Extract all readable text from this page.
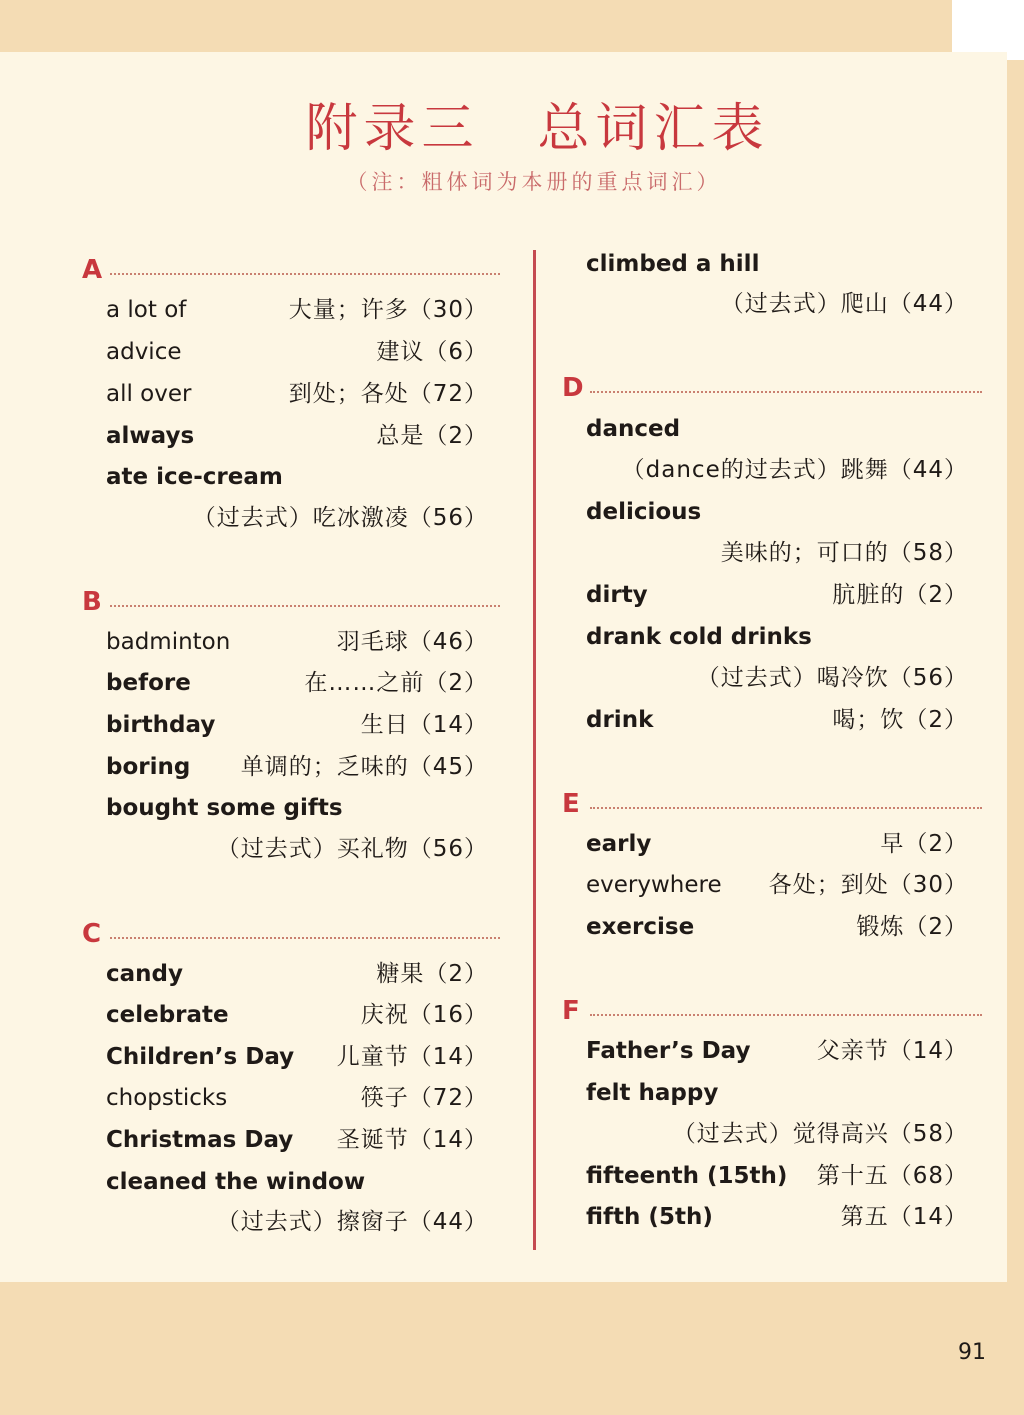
附录三　总词汇表
（注：粗体词为本册的重点词汇）
A
a lot of	大量；许多（30）
advice	建议（6）
all over	到处；各处（72）
always	总是（2）
ate ice-cream
（过去式）吃冰激凌（56）
B
badminton	羽毛球（46）
before	在……之前（2）
birthday	生日（14）
boring 单调的；乏味的（45）
bought some gifts
（过去式）买礼物（56）
C
candy	糖果（2）
celebrate	庆祝（16）
Children’s Day 儿童节（14）
chopsticks	筷子（72）
Christmas Day 圣诞节（14）
cleaned the window
（过去式）擦窗子（44）
climbed a hill
（过去式）爬山（44）
D
danced
（dance的过去式）跳舞（44）
delicious
美味的；可口的（58）
dirty	肮脏的（2）
drank cold drinks
（过去式）喝冷饮（56）
drink	喝；饮（2）
E
early	早（2）
everywhere 各处；到处（30）
exercise	锻炼（2）
F
Father’s Day	父亲节（14）
felt happy
（过去式）觉得高兴（58）
fifteenth (15th) 第十五（68）
fifth (5th)	第五（14）
91
